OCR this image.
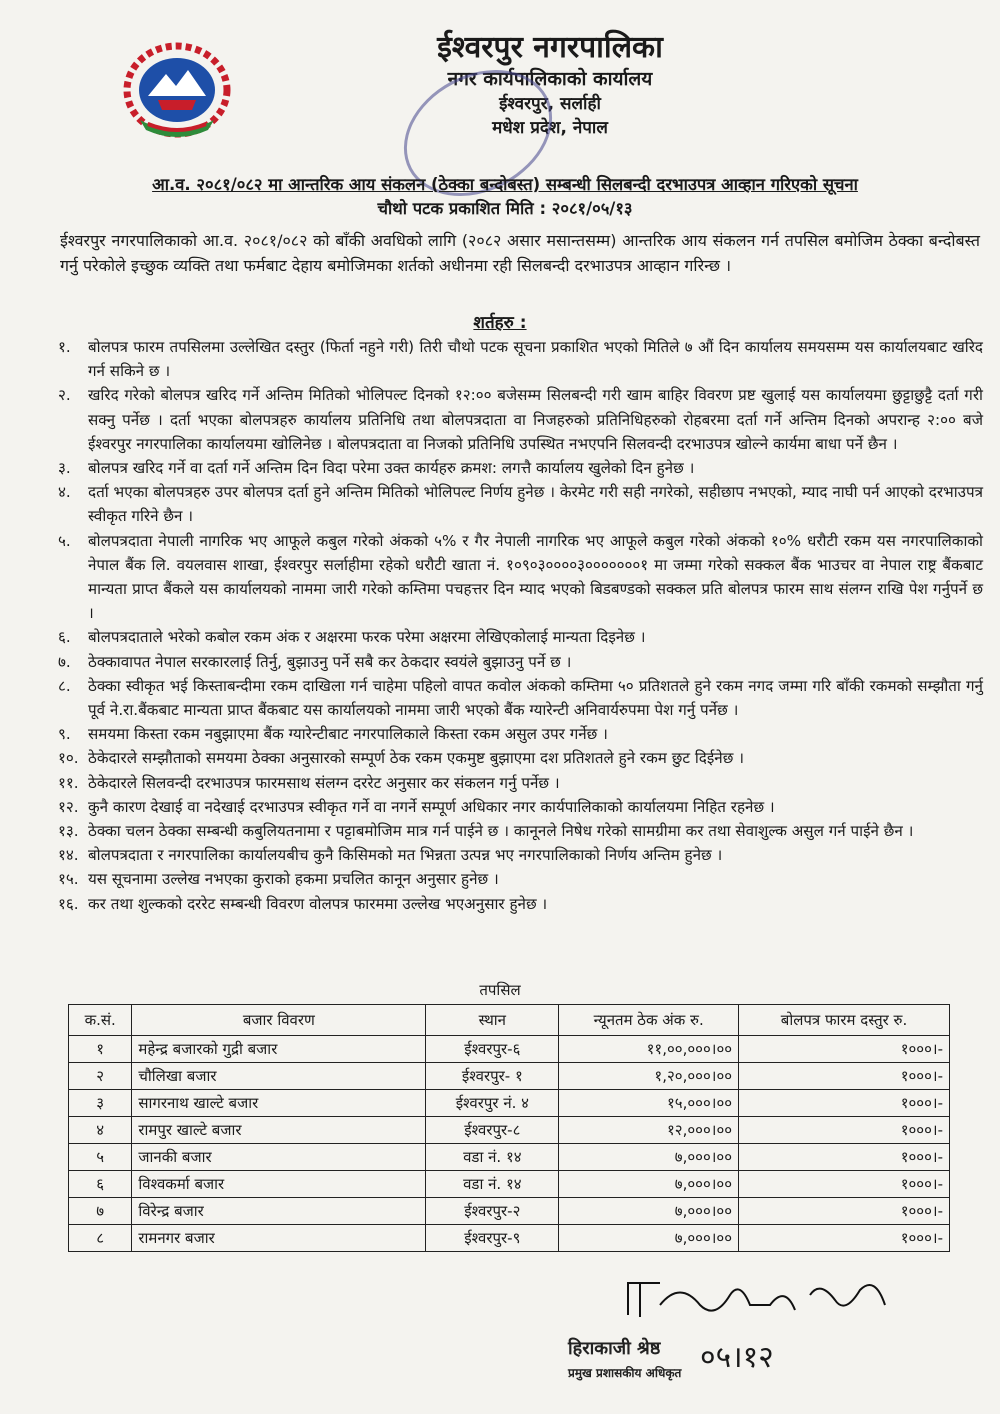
ईश्वरपुर नगरपालिका
नगर कार्यपालिकाको कार्यालय
ईश्वरपुर, सर्लाही
मधेश प्रदेश, नेपाल
आ.व. २०८१/०८२ मा आन्तरिक आय संकलन (ठेक्का बन्दोबस्त) सम्बन्धी सिलबन्दी दरभाउपत्र आव्हान गरिएको सूचना
चौथो पटक प्रकाशित मिति : २०८१/०५/१३
ईश्वरपुर नगरपालिकाको आ.व. २०८१/०८२ को बाँकी अवधिको लागि (२०८२ असार मसान्तसम्म) आन्तरिक आय संकलन गर्न तपसिल बमोजिम ठेक्का बन्दोबस्त गर्नु परेकोले इच्छुक व्यक्ति तथा फर्मबाट देहाय बमोजिमका शर्तको अधीनमा रही सिलबन्दी दरभाउपत्र आव्हान गरिन्छ ।
शर्तहरु :
१.	बोलपत्र फारम तपसिलमा उल्लेखित दस्तुर (फिर्ता नहुने गरी) तिरी चौथो पटक सूचना प्रकाशित भएको मितिले ७ औं दिन कार्यालय समयसम्म यस कार्यालयबाट खरिद गर्न सकिने छ ।
२.	खरिद गरेको बोलपत्र खरिद गर्ने अन्तिम मितिको भोलिपल्ट दिनको १२:०० बजेसम्म सिलबन्दी गरी खाम बाहिर विवरण प्रष्ट खुलाई यस कार्यालयमा छुट्टाछुट्टै दर्ता गरी सक्नु पर्नेछ । दर्ता भएका बोलपत्रहरु कार्यालय प्रतिनिधि तथा बोलपत्रदाता वा निजहरुको प्रतिनिधिहरुको रोहबरमा दर्ता गर्ने अन्तिम दिनको अपरान्ह २:०० बजे ईश्वरपुर नगरपालिका कार्यालयमा खोलिनेछ । बोलपत्रदाता वा निजको प्रतिनिधि उपस्थित नभएपनि सिलवन्दी दरभाउपत्र खोल्ने कार्यमा बाधा पर्ने छैन ।
३.	बोलपत्र खरिद गर्ने वा दर्ता गर्ने अन्तिम दिन विदा परेमा उक्त कार्यहरु क्रमश: लगत्तै कार्यालय खुलेको दिन हुनेछ ।
४.	दर्ता भएका बोलपत्रहरु उपर बोलपत्र दर्ता हुने अन्तिम मितिको भोलिपल्ट निर्णय हुनेछ । केरमेट गरी सही नगरेको, सहीछाप नभएको, म्याद नाघी पर्न आएको दरभाउपत्र स्वीकृत गरिने छैन ।
५.	बोलपत्रदाता नेपाली नागरिक भए आफूले कबुल गरेको अंकको ५% र गैर नेपाली नागरिक भए आफूले कबुल गरेको अंकको १०% धरौटी रकम यस नगरपालिकाको नेपाल बैंक लि. वयलवास शाखा, ईश्वरपुर सर्लाहीमा रहेको धरौटी खाता नं. १०९०३००००३०००००००१ मा जम्मा गरेको सक्कल बैंक भाउचर वा नेपाल राष्ट्र बैंकबाट मान्यता प्राप्त बैंकले यस कार्यालयको नाममा जारी गरेको कम्तिमा पचहत्तर दिन म्याद भएको बिडबण्डको सक्कल प्रति बोलपत्र फारम साथ संलग्न राखि पेश गर्नुपर्ने छ ।
६.	बोलपत्रदाताले भरेको कबोल रकम अंक र अक्षरमा फरक परेमा अक्षरमा लेखिएकोलाई मान्यता दिइनेछ ।
७.	ठेक्कावापत नेपाल सरकारलाई तिर्नु, बुझाउनु पर्ने सबै कर ठेकदार स्वयंले बुझाउनु पर्ने छ ।
८.	ठेक्का स्वीकृत भई किस्ताबन्दीमा रकम दाखिला गर्न चाहेमा पहिलो वापत कवोल अंकको कम्तिमा ५० प्रतिशतले हुने रकम नगद जम्मा गरि बाँकी रकमको सम्झौता गर्नु पूर्व ने.रा.बैंकबाट मान्यता प्राप्त बैंकबाट यस कार्यालयको नाममा जारी भएको बैंक ग्यारेन्टी अनिवार्यरुपमा पेश गर्नु पर्नेछ ।
९.	समयमा किस्ता रकम नबुझाएमा बैंक ग्यारेन्टीबाट नगरपालिकाले किस्ता रकम असुल उपर गर्नेछ ।
१०. ठेकेदारले सम्झौताको समयमा ठेक्का अनुसारको सम्पूर्ण ठेक रकम एकमुष्ट बुझाएमा दश प्रतिशतले हुने रकम छुट दिईनेछ ।
११. ठेकेदारले सिलवन्दी दरभाउपत्र फारमसाथ संलग्न दररेट अनुसार कर संकलन गर्नु पर्नेछ ।
१२. कुनै कारण देखाई वा नदेखाई दरभाउपत्र स्वीकृत गर्ने वा नगर्ने सम्पूर्ण अधिकार नगर कार्यपालिकाको कार्यालयमा निहित रहनेछ ।
१३. ठेक्का चलन ठेक्का सम्बन्धी कबुलियतनामा र पट्टाबमोजिम मात्र गर्न पाईने छ । कानूनले निषेध गरेको सामग्रीमा कर तथा सेवाशुल्क असुल गर्न पाईने छैन ।
१४. बोलपत्रदाता र नगरपालिका कार्यालयबीच कुनै किसिमको मत भिन्नता उत्पन्न भए नगरपालिकाको निर्णय अन्तिम हुनेछ ।
१५. यस सूचनामा उल्लेख नभएका कुराको हकमा प्रचलित कानून अनुसार हुनेछ ।
१६. कर तथा शुल्कको दररेट सम्बन्धी विवरण वोलपत्र फारममा उल्लेख भएअनुसार हुनेछ ।
तपसिल
क.सं.	बजार विवरण	स्थान	न्यूनतम ठेक अंक रु.	बोलपत्र फारम दस्तुर रु.
१	महेन्द्र बजारको गुद्री बजार	ईश्वरपुर-६	११,००,०००।००	१०००।-
२	चौलिखा बजार	ईश्वरपुर- १	१,२०,०००।००	१०००।-
३	सागरनाथ खाल्टे बजार	ईश्वरपुर नं. ४	१५,०००।००	१०००।-
४	रामपुर खाल्टे बजार	ईश्वरपुर-८	१२,०००।००	१०००।-
५	जानकी बजार	वडा नं. १४	७,०००।००	१०००।-
६	विश्वकर्मा बजार	वडा नं. १४	७,०००।००	१०००।-
७	विरेन्द्र बजार	ईश्वरपुर-२	७,०००।००	१०००।-
८	रामनगर बजार	ईश्वरपुर-९	७,०००।००	१०००।-
हिराकाजी श्रेष्ठ
प्रमुख प्रशासकीय अधिकृत ०५।१२
